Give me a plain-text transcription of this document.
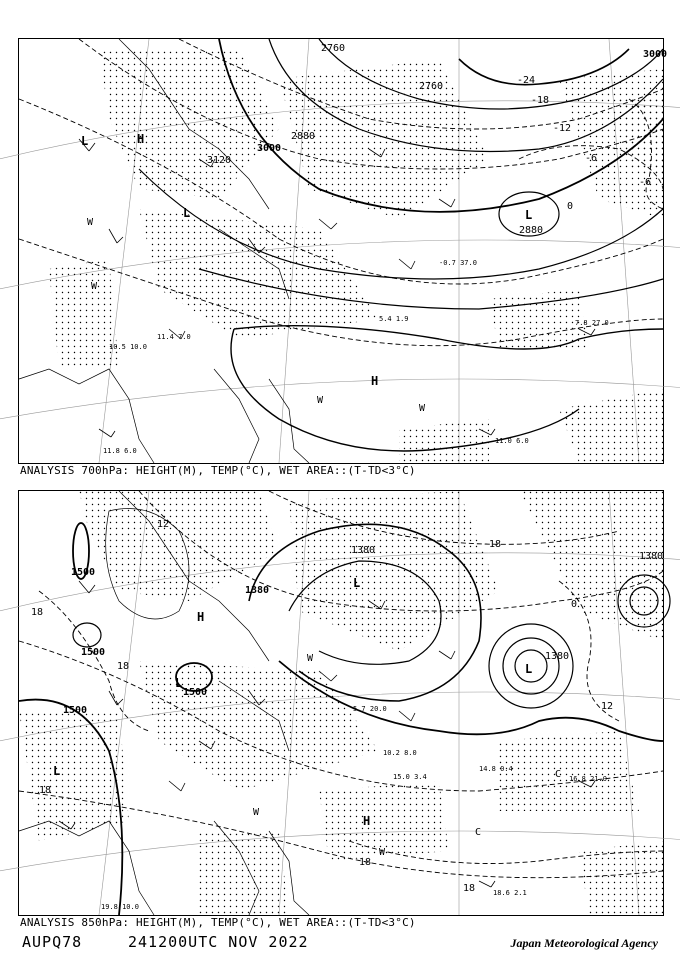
3120
3000
3000
2880
2880
2760
2760
-6
-6
-12
-18
-24
0
H
L
L	L
H
W
W
W
W
11.8 6.0
7.8 27.0
11.0 6.0
5.4 1.9
-0.7 37.0
10.5 10.0
11.4 7.0
ANALYSIS 700hPa: HEIGHT(M), TEMP(°C), WET AREA::(T-TD<3°C)
1500
1500
1500
1500
1380
1380
1380
1380
12
18
18
18
18
12
0
-18
18
H
H
L
L
L
L
W
W
W
C
C
18.6 2.1
16.8 21.0
14.8 0.4
10.2 8.0
15.0 3.4
5.7 20.0
19.8 10.0
ANALYSIS 850hPa: HEIGHT(M), TEMP(°C), WET AREA::(T-TD<3°C)
AUPQ78	241200UTC NOV 2022	Japan Meteorological Agency
